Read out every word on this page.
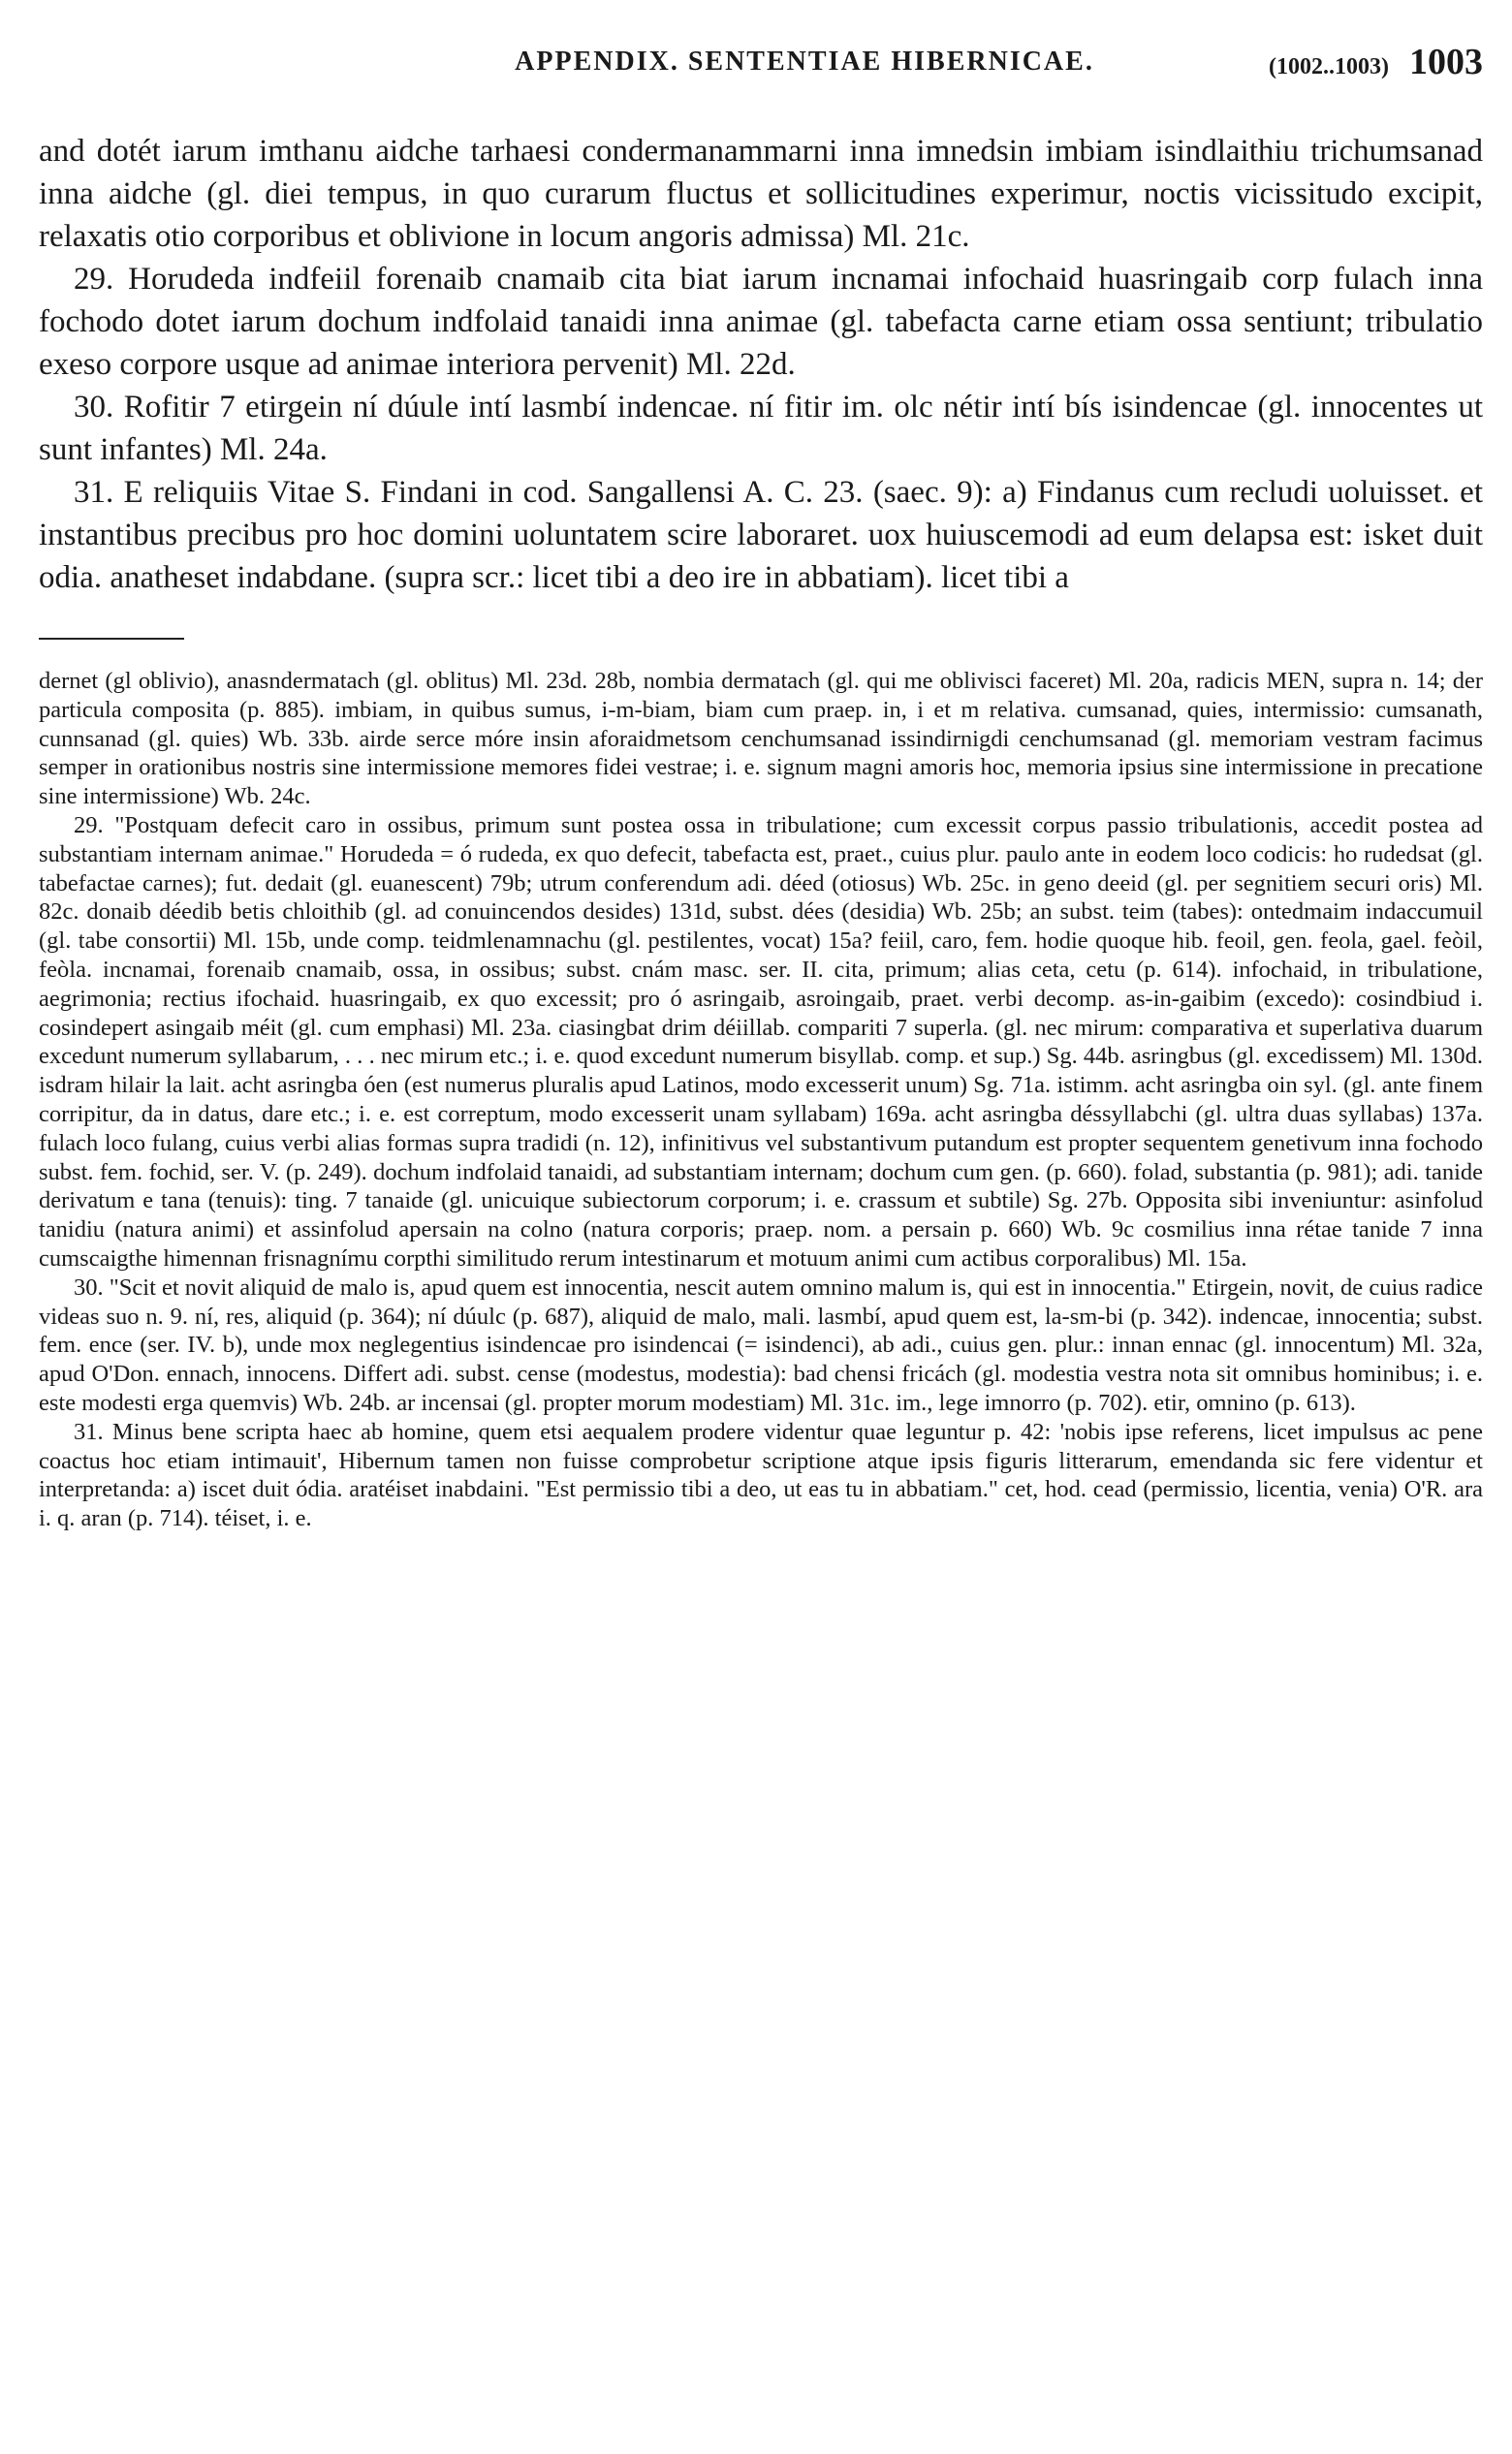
APPENDIX. SENTENTIAE HIBERNICAE.	(1002..1003) 1003

and dotét iarum imthanu aidche tarhaesi condermanammarni inna imnedsin imbiam isindlaithiu trichumsanad inna aidche (gl. diei tempus, in quo curarum fluctus et sollicitudines experimur, noctis vicissitudo excipit, relaxatis otio corporibus et oblivione in locum angoris admissa) Ml. 21c.

29. Horudeda indfeiil forenaib cnamaib cita biat iarum incnamai infochaid huasringaib corp fulach inna fochodo dotet iarum dochum indfolaid tanaidi inna animae (gl. tabefacta carne etiam ossa sentiunt; tribulatio exeso corpore usque ad animae interiora pervenit) Ml. 22d.

30. Rofitir 7 etirgein ní dúule intí lasmbí indencae. ní fitir im. olc nétir intí bís isindencae (gl. innocentes ut sunt infantes) Ml. 24a.

31. E reliquiis Vitae S. Findani in cod. Sangallensi A. C. 23. (saec. 9): a) Findanus cum recludi uoluisset. et instantibus precibus pro hoc domini uoluntatem scire laboraret. uox huiuscemodi ad eum delapsa est: isket duit odia. anatheset indabdane. (supra scr.: licet tibi a deo ire in abbatiam). licet tibi a

dernet (gl oblivio), anasndermatach (gl. oblitus) Ml. 23d. 28b, nombia dermatach (gl. qui me oblivisci faceret) Ml. 20a, radicis MEN, supra n. 14; der particula composita (p. 885). imbiam, in quibus sumus, i-m-biam, biam cum praep. in, i et m relativa. cumsanad, quies, intermissio: cumsanath, cunnsanad (gl. quies) Wb. 33b. airde serce móre insin aforaidmetsom cenchumsanad issindirnigdi cenchumsanad (gl. memoriam vestram facimus semper in orationibus nostris sine intermissione memores fidei vestrae; i. e. signum magni amoris hoc, memoria ipsius sine intermissione in precatione sine intermissione) Wb. 24c.

29. "Postquam defecit caro in ossibus, primum sunt postea ossa in tribulatione; cum excessit corpus passio tribulationis, accedit postea ad substantiam internam animae." Horudeda = ó rudeda, ex quo defecit, tabefacta est, praet., cuius plur. paulo ante in eodem loco codicis: ho rudedsat (gl. tabefactae carnes); fut. dedait (gl. euanescent) 79b; utrum conferendum adi. déed (otiosus) Wb. 25c. in geno deeid (gl. per segnitiem securi oris) Ml. 82c. donaib déedib betis chloithib (gl. ad conuincendos desides) 131d, subst. dées (desidia) Wb. 25b; an subst. teim (tabes): ontedmaim indaccumuil (gl. tabe consortii) Ml. 15b, unde comp. teidmlenamnachu (gl. pestilentes, vocat) 15a? feiil, caro, fem. hodie quoque hib. feoil, gen. feola, gael. feòil, feòla. incnamai, forenaib cnamaib, ossa, in ossibus; subst. cnám masc. ser. II. cita, primum; alias ceta, cetu (p. 614). infochaid, in tribulatione, aegrimonia; rectius ifochaid. huasringaib, ex quo excessit; pro ó asringaib, asroingaib, praet. verbi decomp. as-in-gaibim (excedo): cosindbiud i. cosindepert asingaib méit (gl. cum emphasi) Ml. 23a. ciasingbat drim déiillab. compariti 7 superla. (gl. nec mirum: comparativa et superlativa duarum excedunt numerum syllabarum, . . . nec mirum etc.; i. e. quod excedunt numerum bisyllab. comp. et sup.) Sg. 44b. asringbus (gl. excedissem) Ml. 130d. isdram hilair la lait. acht asringba óen (est numerus pluralis apud Latinos, modo excesserit unum) Sg. 71a. istimm. acht asringba oin syl. (gl. ante finem corripitur, da in datus, dare etc.; i. e. est correptum, modo excesserit unam syllabam) 169a. acht asringba déssyllabchi (gl. ultra duas syllabas) 137a. fulach loco fulang, cuius verbi alias formas supra tradidi (n. 12), infinitivus vel substantivum putandum est propter sequentem genetivum inna fochodo subst. fem. fochid, ser. V. (p. 249). dochum indfolaid tanaidi, ad substantiam internam; dochum cum gen. (p. 660). folad, substantia (p. 981); adi. tanide derivatum e tana (tenuis): ting. 7 tanaide (gl. unicuique subiectorum corporum; i. e. crassum et subtile) Sg. 27b. Opposita sibi inveniuntur: asinfolud tanidiu (natura animi) et assinfolud apersain na colno (natura corporis; praep. nom. a persain p. 660) Wb. 9c cosmilius inna rétae tanide 7 inna cumscaigthe himennan frisnagnímu corpthi similitudo rerum intestinarum et motuum animi cum actibus corporalibus) Ml. 15a.

30. "Scit et novit aliquid de malo is, apud quem est innocentia, nescit autem omnino malum is, qui est in innocentia." Etirgein, novit, de cuius radice videas suo n. 9. ní, res, aliquid (p. 364); ní dúulc (p. 687), aliquid de malo, mali. lasmbí, apud quem est, la-sm-bi (p. 342). indencae, innocentia; subst. fem. ence (ser. IV. b), unde mox neglegentius isindencae pro isindencai (= isindenci), ab adi., cuius gen. plur.: innan ennac (gl. innocentum) Ml. 32a, apud O'Don. ennach, innocens. Differt adi. subst. cense (modestus, modestia): bad chensi fricách (gl. modestia vestra nota sit omnibus hominibus; i. e. este modesti erga quemvis) Wb. 24b. ar incensai (gl. propter morum modestiam) Ml. 31c. im., lege imnorro (p. 702). etir, omnino (p. 613).

31. Minus bene scripta haec ab homine, quem etsi aequalem prodere videntur quae leguntur p. 42: 'nobis ipse referens, licet impulsus ac pene coactus hoc etiam intimauit', Hibernum tamen non fuisse comprobetur scriptione atque ipsis figuris litterarum, emendanda sic fere videntur et interpretanda: a) iscet duit ódia. aratéiset inabdaini. "Est permissio tibi a deo, ut eas tu in abbatiam." cet, hod. cead (permissio, licentia, venia) O'R. ara i. q. aran (p. 714). téiset, i. e.
